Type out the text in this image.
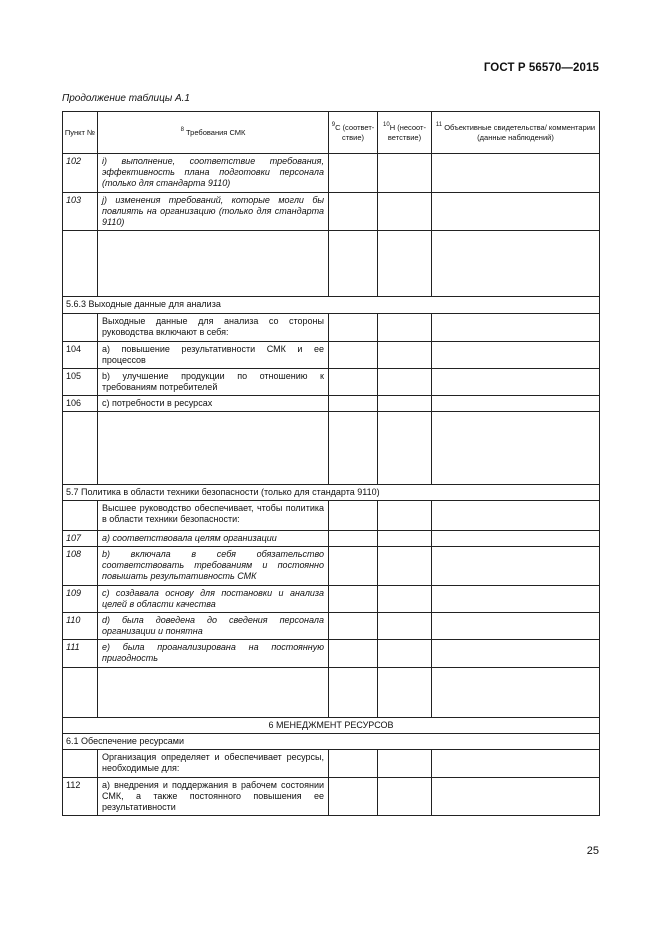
ГОСТ Р 56570—2015
Продолжение таблицы А.1
Пункт №	$^8$ Требования СМК	$^9$С (соответ-ствие)	$^{10}$Н (несоот-ветствие)	$^{11}$ Объективные свидетельства/ комментарии (данные наблюдений)
102	i) выполнение, соответствие требования, эффективность плана подготовки персонала (только для стандарта 9110)			
103	j) изменения требований, которые могли бы повлиять на организацию (только для стандарта 9110)			

5.6.3 Выходные данные для анализа				
	Выходные данные для анализа со стороны руководства включают в себя:			
104	a) повышение результативности СМК и ее процессов			
105	b) улучшение продукции по отношению к требованиям потребителей			
106	c) потребности в ресурсах			

5.7 Политика в области техники безопасности (только для стандарта 9110)				
	Высшее руководство обеспечивает, чтобы политика в области техники безопасности:			
107	a) соответствовала целям организации			
108	b) включала в себя обязательство соответствовать требованиям и постоянно повышать результативность СМК			
109	c) создавала основу для постановки и анализа целей в области качества			
110	d) была доведена до сведения персонала организации и понятна			
111	e) была проанализирована на постоянную пригодность			

6 МЕНЕДЖМЕНТ РЕСУРСОВ				
6.1 Обеспечение ресурсами				
	Организация определяет и обеспечивает ресурсы, необходимые для:			
112	a) внедрения и поддержания в рабочем состоянии СМК, а также постоянного повышения ее результативности			
25
